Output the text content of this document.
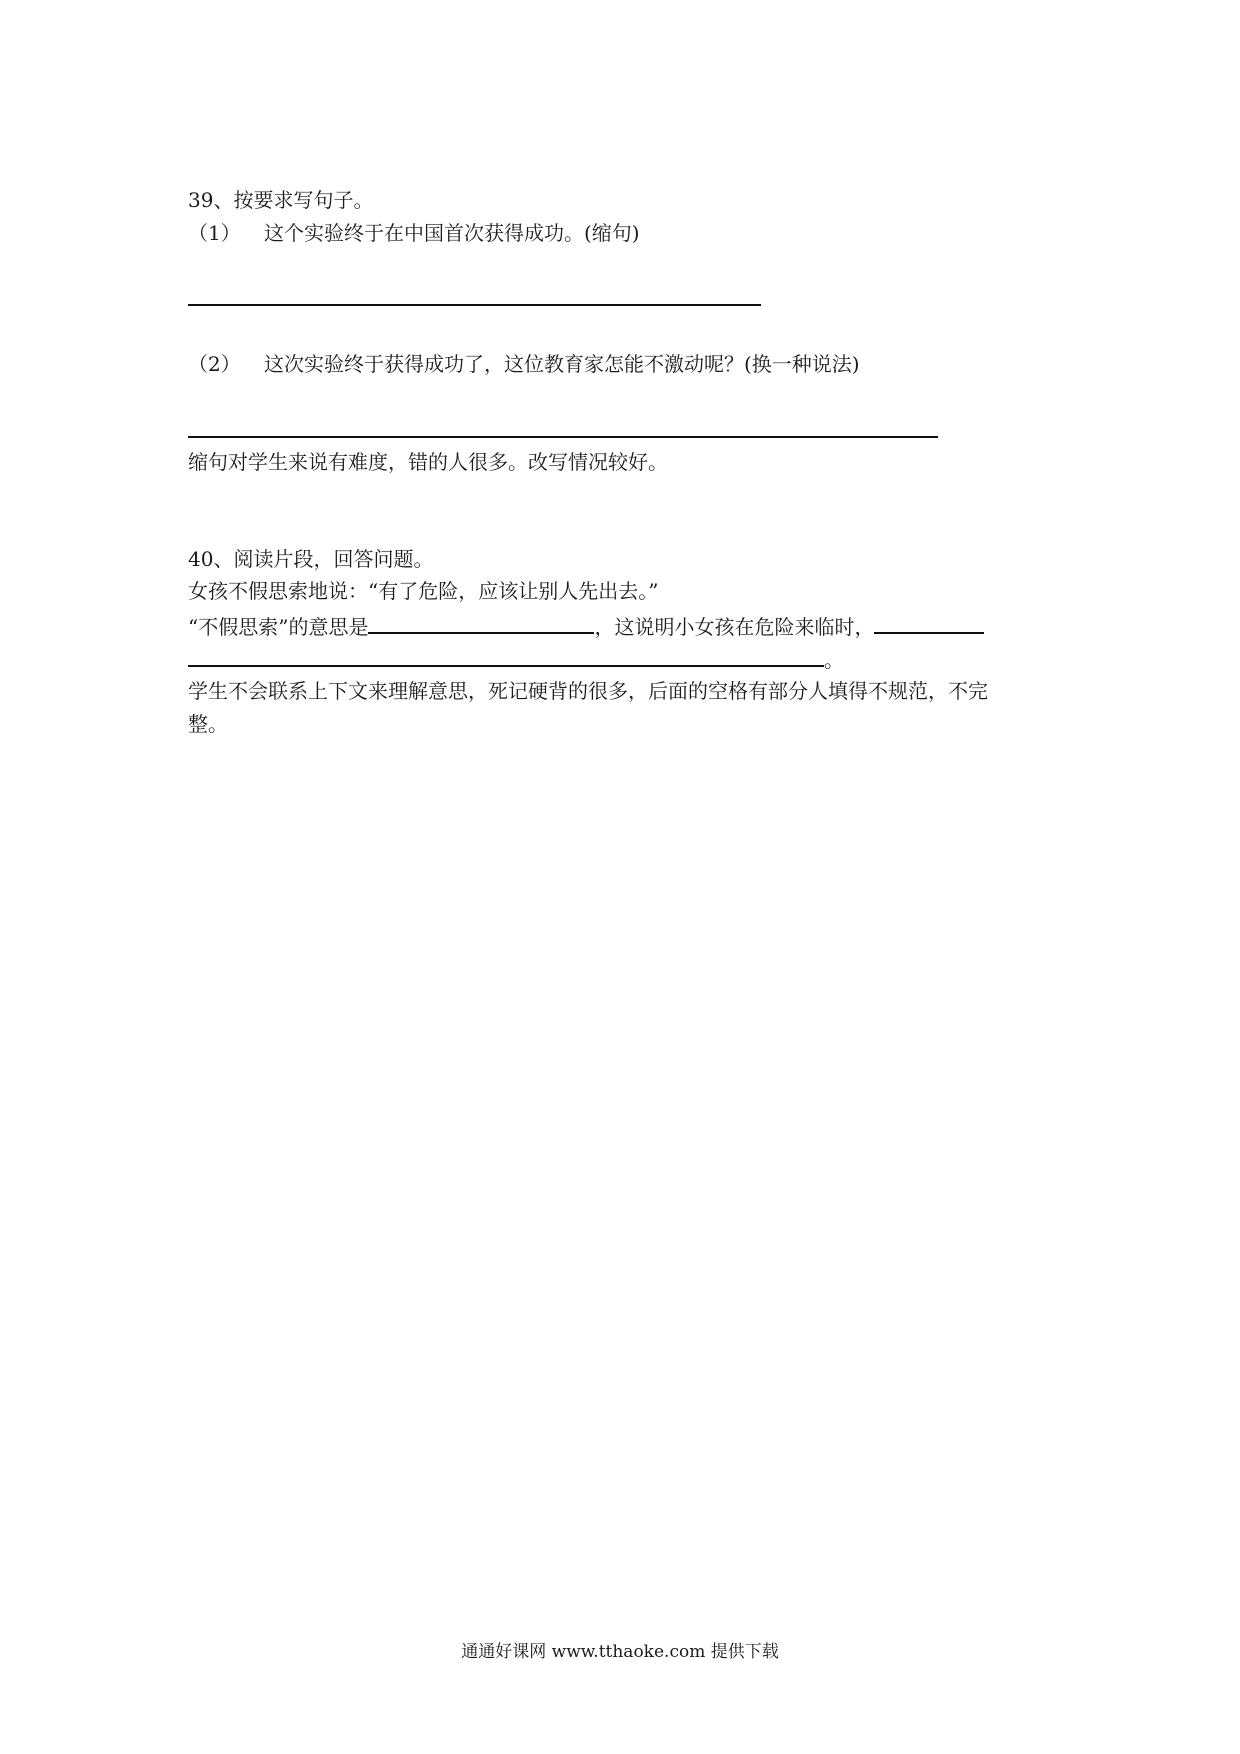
39、按要求写句子。
（1） 这个实验终于在中国首次获得成功。(缩句)
（2） 这次实验终于获得成功了，这位教育家怎能不激动呢？(换一种说法)
缩句对学生来说有难度，错的人很多。改写情况较好。
40、阅读片段，回答问题。
女孩不假思索地说：“有了危险，应该让别人先出去。”
“不假思索”的意思是	，这说明小女孩在危险来临时，
。
学生不会联系上下文来理解意思，死记硬背的很多，后面的空格有部分人填得不规范，不完
整。
通通好课网 www.tthaoke.com 提供下载
